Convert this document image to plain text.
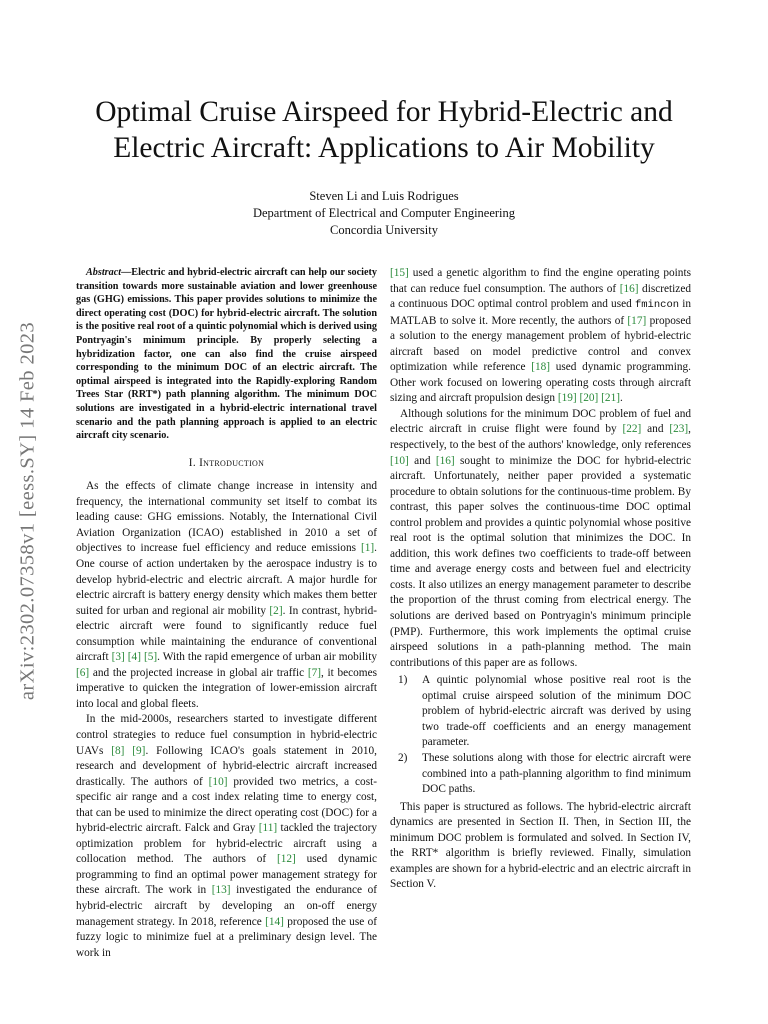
Optimal Cruise Airspeed for Hybrid-Electric and
Electric Aircraft: Applications to Air Mobility
Steven Li and Luis Rodrigues
Department of Electrical and Computer Engineering
Concordia University
arXiv:2302.07358v1 [eess.SY] 14 Feb 2023

Abstract—Electric and hybrid-electric aircraft can help our society transition towards more sustainable aviation and lower greenhouse gas (GHG) emissions. This paper provides solutions to minimize the direct operating cost (DOC) for hybrid-electric aircraft. The solution is the positive real root of a quintic polynomial which is derived using Pontryagin's minimum principle. By properly selecting a hybridization factor, one can also find the cruise airspeed corresponding to the minimum DOC of an electric aircraft. The optimal airspeed is integrated into the Rapidly-exploring Random Trees Star (RRT*) path planning algorithm. The minimum DOC solutions are investigated in a hybrid-electric international travel scenario and the path planning approach is applied to an electric aircraft city scenario.

I. Introduction

As the effects of climate change increase in intensity and frequency, the international community set itself to combat its leading cause: GHG emissions. Notably, the International Civil Aviation Organization (ICAO) established in 2010 a set of objectives to increase fuel efficiency and reduce emissions [1]. One course of action undertaken by the aerospace industry is to develop hybrid-electric and electric aircraft. A major hurdle for electric aircraft is battery energy density which makes them better suited for urban and regional air mobility [2]. In contrast, hybrid-electric aircraft were found to significantly reduce fuel consumption while maintaining the endurance of conventional aircraft [3] [4] [5]. With the rapid emergence of urban air mobility [6] and the projected increase in global air traffic [7], it becomes imperative to quicken the integration of lower-emission aircraft into local and global fleets.

In the mid-2000s, researchers started to investigate different control strategies to reduce fuel consumption in hybrid-electric UAVs [8] [9]. Following ICAO's goals statement in 2010, research and development of hybrid-electric aircraft increased drastically. The authors of [10] provided two metrics, a cost-specific air range and a cost index relating time to energy cost, that can be used to minimize the direct operating cost (DOC) for a hybrid-electric aircraft. Falck and Gray [11] tackled the trajectory optimization problem for hybrid-electric aircraft using a collocation method. The authors of [12] used dynamic programming to find an optimal power management strategy for these aircraft. The work in [13] investigated the endurance of hybrid-electric aircraft by developing an on-off energy management strategy. In 2018, reference [14] proposed the use of fuzzy logic to minimize fuel at a preliminary design level. The work in

[15] used a genetic algorithm to find the engine operating points that can reduce fuel consumption. The authors of [16] discretized a continuous DOC optimal control problem and used fmincon in MATLAB to solve it. More recently, the authors of [17] proposed a solution to the energy management problem of hybrid-electric aircraft based on model predictive control and convex optimization while reference [18] used dynamic programming. Other work focused on lowering operating costs through aircraft sizing and aircraft propulsion design [19] [20] [21].

Although solutions for the minimum DOC problem of fuel and electric aircraft in cruise flight were found by [22] and [23], respectively, to the best of the authors' knowledge, only references [10] and [16] sought to minimize the DOC for hybrid-electric aircraft. Unfortunately, neither paper provided a systematic procedure to obtain solutions for the continuous-time problem. By contrast, this paper solves the continuous-time DOC optimal control problem and provides a quintic polynomial whose positive real root is the optimal solution that minimizes the DOC. In addition, this work defines two coefficients to trade-off between time and average energy costs and between fuel and electricity costs. It also utilizes an energy management parameter to describe the proportion of the thrust coming from electrical energy. The solutions are derived based on Pontryagin's minimum principle (PMP). Furthermore, this work implements the optimal cruise airspeed solutions in a path-planning method. The main contributions of this paper are as follows.

1) A quintic polynomial whose positive real root is the optimal cruise airspeed solution of the minimum DOC problem of hybrid-electric aircraft was derived by using two trade-off coefficients and an energy management parameter.
2) These solutions along with those for electric aircraft were combined into a path-planning algorithm to find minimum DOC paths.

This paper is structured as follows. The hybrid-electric aircraft dynamics are presented in Section II. Then, in Section III, the minimum DOC problem is formulated and solved. In Section IV, the RRT* algorithm is briefly reviewed. Finally, simulation examples are shown for a hybrid-electric and an electric aircraft in Section V.
